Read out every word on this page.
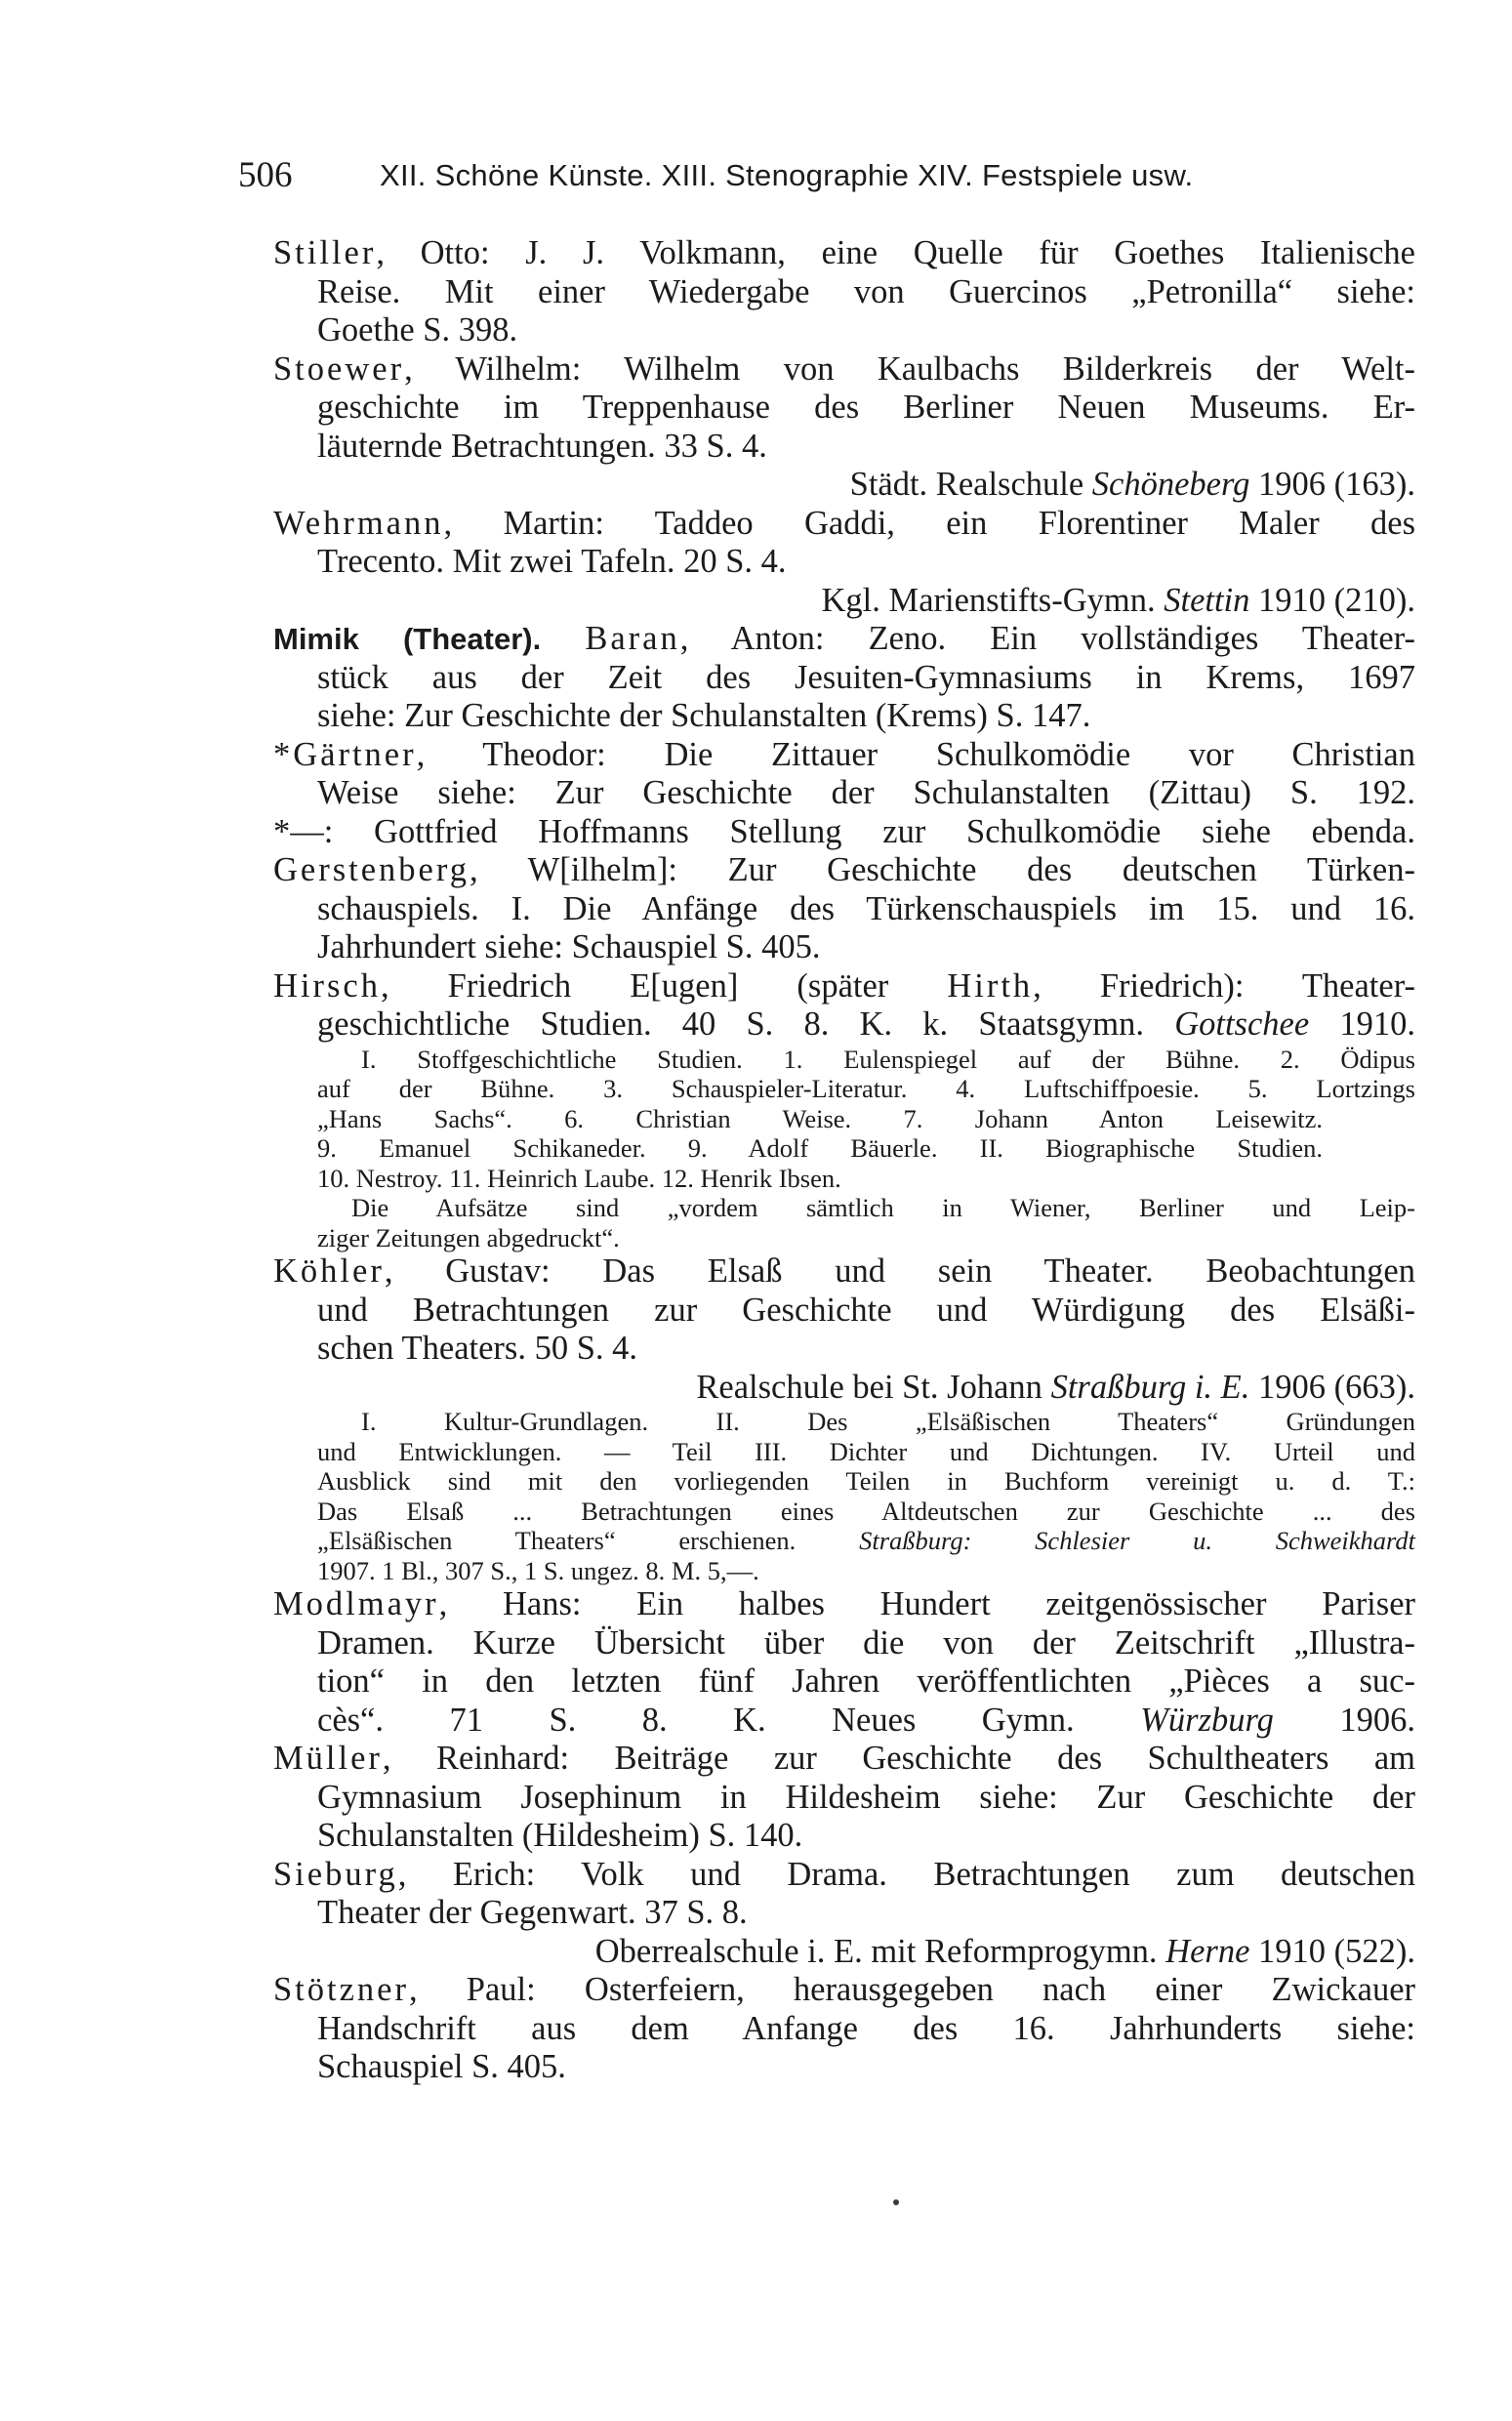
506	XII. Schöne Künste. XIII. Stenographie XIV. Festspiele usw.
Stiller, Otto: J. J. Volkmann, eine Quelle für Goethes Italienische
Reise. Mit einer Wiedergabe von Guercinos „Petronilla“ siehe:
Goethe S. 398.
Stoewer, Wilhelm: Wilhelm von Kaulbachs Bilderkreis der Welt-
geschichte im Treppenhause des Berliner Neuen Museums. Er-
läuternde Betrachtungen. 33 S. 4.
Städt. Realschule Schöneberg 1906 (163).
Wehrmann, Martin: Taddeo Gaddi, ein Florentiner Maler des
Trecento. Mit zwei Tafeln. 20 S. 4.
Kgl. Marienstifts-Gymn. Stettin 1910 (210).
Mimik (Theater). Baran, Anton: Zeno. Ein vollständiges Theater-
stück aus der Zeit des Jesuiten-Gymnasiums in Krems, 1697
siehe: Zur Geschichte der Schulanstalten (Krems) S. 147.
*Gärtner, Theodor: Die Zittauer Schulkomödie vor Christian
Weise siehe: Zur Geschichte der Schulanstalten (Zittau) S. 192.
*—: Gottfried Hoffmanns Stellung zur Schulkomödie siehe ebenda.
Gerstenberg, W[ilhelm]: Zur Geschichte des deutschen Türken-
schauspiels. I. Die Anfänge des Türkenschauspiels im 15. und 16.
Jahrhundert siehe: Schauspiel S. 405.
Hirsch, Friedrich E[ugen] (später Hirth, Friedrich): Theater-
geschichtliche Studien. 40 S. 8. K. k. Staatsgymn. Gottschee 1910.
I. Stoffgeschichtliche Studien. 1. Eulenspiegel auf der Bühne. 2. Ödipus
auf der Bühne. 3. Schauspieler-Literatur. 4. Luftschiffpoesie. 5. Lortzings
„Hans Sachs“. 6. Christian Weise. 7. Johann Anton Leisewitz.
9. Emanuel Schikaneder. 9. Adolf Bäuerle. II. Biographische Studien.
10. Nestroy. 11. Heinrich Laube. 12. Henrik Ibsen.
Die Aufsätze sind „vordem sämtlich in Wiener, Berliner und Leip-
ziger Zeitungen abgedruckt“.
Köhler, Gustav: Das Elsaß und sein Theater. Beobachtungen
und Betrachtungen zur Geschichte und Würdigung des Elsäßi-
schen Theaters. 50 S. 4.
Realschule bei St. Johann Straßburg i. E. 1906 (663).
I. Kultur-Grundlagen. II. Des „Elsäßischen Theaters“ Gründungen
und Entwicklungen. — Teil III. Dichter und Dichtungen. IV. Urteil und
Ausblick sind mit den vorliegenden Teilen in Buchform vereinigt u. d. T.:
Das Elsaß ... Betrachtungen eines Altdeutschen zur Geschichte ... des
„Elsäßischen Theaters“ erschienen. Straßburg: Schlesier u. Schweikhardt
1907. 1 Bl., 307 S., 1 S. ungez. 8. M. 5,—.
Modlmayr, Hans: Ein halbes Hundert zeitgenössischer Pariser
Dramen. Kurze Übersicht über die von der Zeitschrift „Illustra-
tion“ in den letzten fünf Jahren veröffentlichten „Pièces a suc-
cès“. 71 S. 8. K. Neues Gymn. Würzburg 1906.
Müller, Reinhard: Beiträge zur Geschichte des Schultheaters am
Gymnasium Josephinum in Hildesheim siehe: Zur Geschichte der
Schulanstalten (Hildesheim) S. 140.
Sieburg, Erich: Volk und Drama. Betrachtungen zum deutschen
Theater der Gegenwart. 37 S. 8.
Oberrealschule i. E. mit Reformprogymn. Herne 1910 (522).
Stötzner, Paul: Osterfeiern, herausgegeben nach einer Zwickauer
Handschrift aus dem Anfange des 16. Jahrhunderts siehe:
Schauspiel S. 405.
